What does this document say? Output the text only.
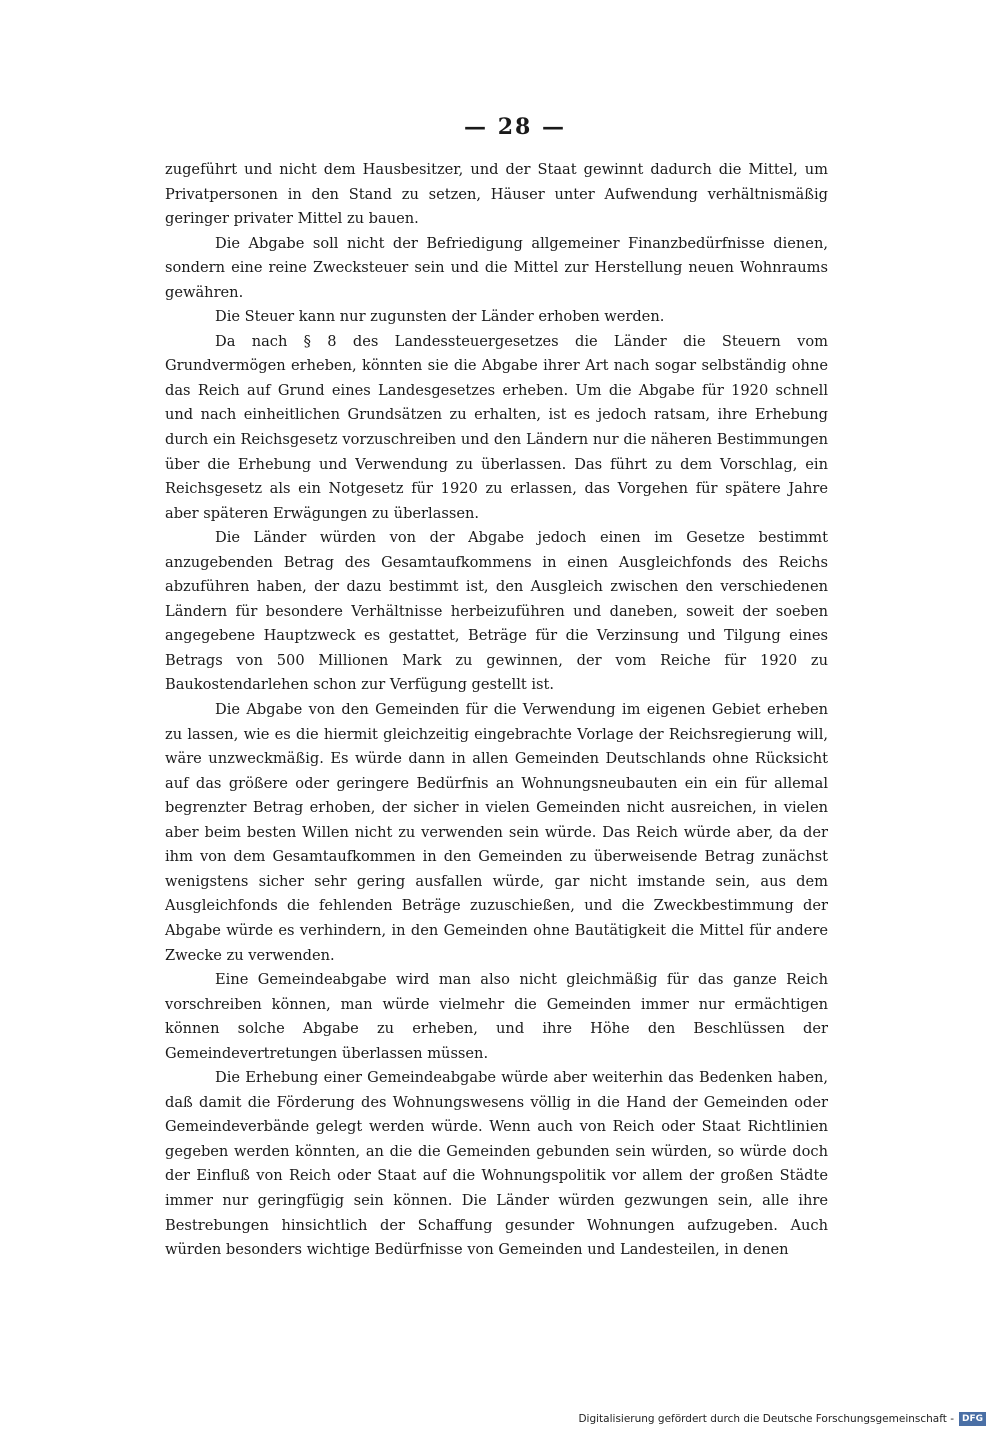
— 28 —

zugeführt und nicht dem Hausbesitzer, und der Staat gewinnt dadurch die Mittel, um Privatpersonen in den Stand zu setzen, Häuser unter Aufwendung verhältnismäßig geringer privater Mittel zu bauen.

Die Abgabe soll nicht der Befriedigung allgemeiner Finanzbedürfnisse dienen, sondern eine reine Zwecksteuer sein und die Mittel zur Herstellung neuen Wohnraums gewähren.

Die Steuer kann nur zugunsten der Länder erhoben werden.

Da nach § 8 des Landessteuergesetzes die Länder die Steuern vom Grundvermögen erheben, könnten sie die Abgabe ihrer Art nach sogar selbständig ohne das Reich auf Grund eines Landesgesetzes erheben. Um die Abgabe für 1920 schnell und nach einheitlichen Grundsätzen zu erhalten, ist es jedoch ratsam, ihre Erhebung durch ein Reichsgesetz vorzuschreiben und den Ländern nur die näheren Bestimmungen über die Erhebung und Verwendung zu überlassen. Das führt zu dem Vorschlag, ein Reichsgesetz als ein Notgesetz für 1920 zu erlassen, das Vorgehen für spätere Jahre aber späteren Erwägungen zu überlassen.

Die Länder würden von der Abgabe jedoch einen im Gesetze bestimmt anzugebenden Betrag des Gesamtaufkommens in einen Ausgleichfonds des Reichs abzuführen haben, der dazu bestimmt ist, den Ausgleich zwischen den verschiedenen Ländern für besondere Verhältnisse herbeizuführen und daneben, soweit der soeben angegebene Hauptzweck es gestattet, Beträge für die Verzinsung und Tilgung eines Betrags von 500 Millionen Mark zu gewinnen, der vom Reiche für 1920 zu Baukostendarlehen schon zur Verfügung gestellt ist.

Die Abgabe von den Gemeinden für die Verwendung im eigenen Gebiet erheben zu lassen, wie es die hiermit gleichzeitig eingebrachte Vorlage der Reichsregierung will, wäre unzweckmäßig. Es würde dann in allen Gemeinden Deutschlands ohne Rücksicht auf das größere oder geringere Bedürfnis an Wohnungsneubauten ein ein für allemal begrenzter Betrag erhoben, der sicher in vielen Gemeinden nicht ausreichen, in vielen aber beim besten Willen nicht zu verwenden sein würde. Das Reich würde aber, da der ihm von dem Gesamtaufkommen in den Gemeinden zu überweisende Betrag zunächst wenigstens sicher sehr gering ausfallen würde, gar nicht imstande sein, aus dem Ausgleichfonds die fehlenden Beträge zuzuschießen, und die Zweckbestimmung der Abgabe würde es verhindern, in den Gemeinden ohne Bautätigkeit die Mittel für andere Zwecke zu verwenden.

Eine Gemeindeabgabe wird man also nicht gleichmäßig für das ganze Reich vorschreiben können, man würde vielmehr die Gemeinden immer nur ermächtigen können solche Abgabe zu erheben, und ihre Höhe den Beschlüssen der Gemeindevertretungen überlassen müssen.

Die Erhebung einer Gemeindeabgabe würde aber weiterhin das Bedenken haben, daß damit die Förderung des Wohnungswesens völlig in die Hand der Gemeinden oder Gemeindeverbände gelegt werden würde. Wenn auch von Reich oder Staat Richtlinien gegeben werden könnten, an die die Gemeinden gebunden sein würden, so würde doch der Einfluß von Reich oder Staat auf die Wohnungspolitik vor allem der großen Städte immer nur geringfügig sein können. Die Länder würden gezwungen sein, alle ihre Bestrebungen hinsichtlich der Schaffung gesunder Wohnungen aufzugeben. Auch würden besonders wichtige Bedürfnisse von Gemeinden und Landesteilen, in denen

Digitalisierung gefördert durch die Deutsche Forschungsgemeinschaft - DFG
